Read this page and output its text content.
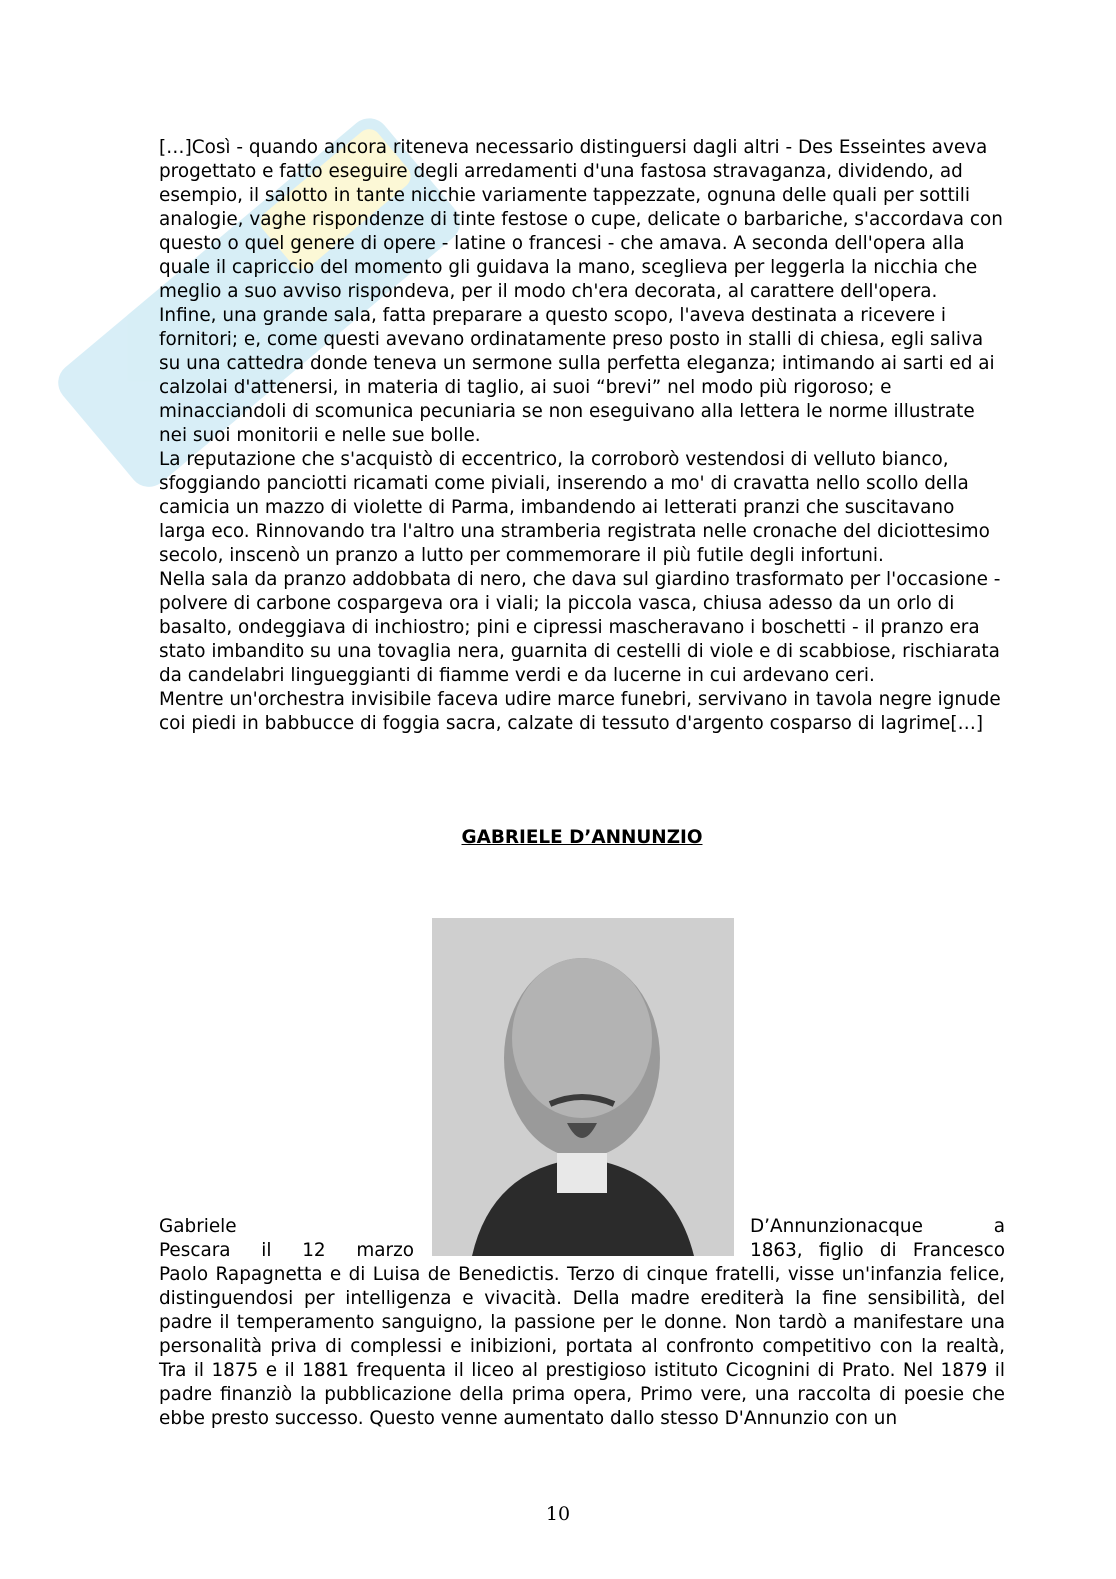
[…]Così - quando ancora riteneva necessario distinguersi dagli altri - Des Esseintes aveva progettato e fatto eseguire degli arredamenti d'una fastosa stravaganza, dividendo, ad esempio, il salotto in tante nicchie variamente tappezzate, ognuna delle quali per sottili analogie, vaghe rispondenze di tinte festose o cupe, delicate o barbariche, s'accordava con questo o quel genere di opere - latine o francesi - che amava. A seconda dell'opera alla quale il capriccio del momento gli guidava la mano, sceglieva per leggerla la nicchia che meglio a suo avviso rispondeva, per il modo ch'era decorata, al carattere dell'opera.

Infine, una grande sala, fatta preparare a questo scopo, l'aveva destinata a ricevere i fornitori; e, come questi avevano ordinatamente preso posto in stalli di chiesa, egli saliva su una cattedra donde teneva un sermone sulla perfetta eleganza; intimando ai sarti ed ai calzolai d'attenersi, in materia di taglio, ai suoi “brevi” nel modo più rigoroso; e minacciandoli di scomunica pecuniaria se non eseguivano alla lettera le norme illustrate nei suoi monitorii e nelle sue bolle.

La reputazione che s'acquistò di eccentrico, la corroborò vestendosi di velluto bianco, sfoggiando panciotti ricamati come piviali, inserendo a mo' di cravatta nello scollo della camicia un mazzo di violette di Parma, imbandendo ai letterati pranzi che suscitavano larga eco. Rinnovando tra l'altro una stramberia registrata nelle cronache del diciottesimo secolo, inscenò un pranzo a lutto per commemorare il più futile degli infortuni.

Nella sala da pranzo addobbata di nero, che dava sul giardino trasformato per l'occasione - polvere di carbone cospargeva ora i viali; la piccola vasca, chiusa adesso da un orlo di basalto, ondeggiava di inchiostro; pini e cipressi mascheravano i boschetti - il pranzo era stato imbandito su una tovaglia nera, guarnita di cestelli di viole e di scabbiose, rischiarata da candelabri lingueggianti di fiamme verdi e da lucerne in cui ardevano ceri.

Mentre un'orchestra invisibile faceva udire marce funebri, servivano in tavola negre ignude coi piedi in babbucce di foggia sacra, calzate di tessuto d'argento cosparso di lagrime[…]

GABRIELE D’ANNUNZIO
Gabriele
Pescara il 12 marzo
D’Annunzionacque a
1863, figlio di Francesco

Paolo Rapagnetta e di Luisa de Benedictis. Terzo di cinque fratelli, visse un'infanzia felice, distinguendosi per intelligenza e vivacità. Della madre erediterà la fine sensibilità, del padre il temperamento sanguigno, la passione per le donne. Non tardò a manifestare una personalità priva di complessi e inibizioni, portata al confronto competitivo con la realtà, Tra il 1875 e il 1881 frequenta il liceo al prestigioso istituto Cicognini di Prato. Nel 1879 il padre finanziò la pubblicazione della prima opera, Primo vere, una raccolta di poesie che ebbe presto successo. Questo venne aumentato dallo stesso D'Annunzio con un

10
